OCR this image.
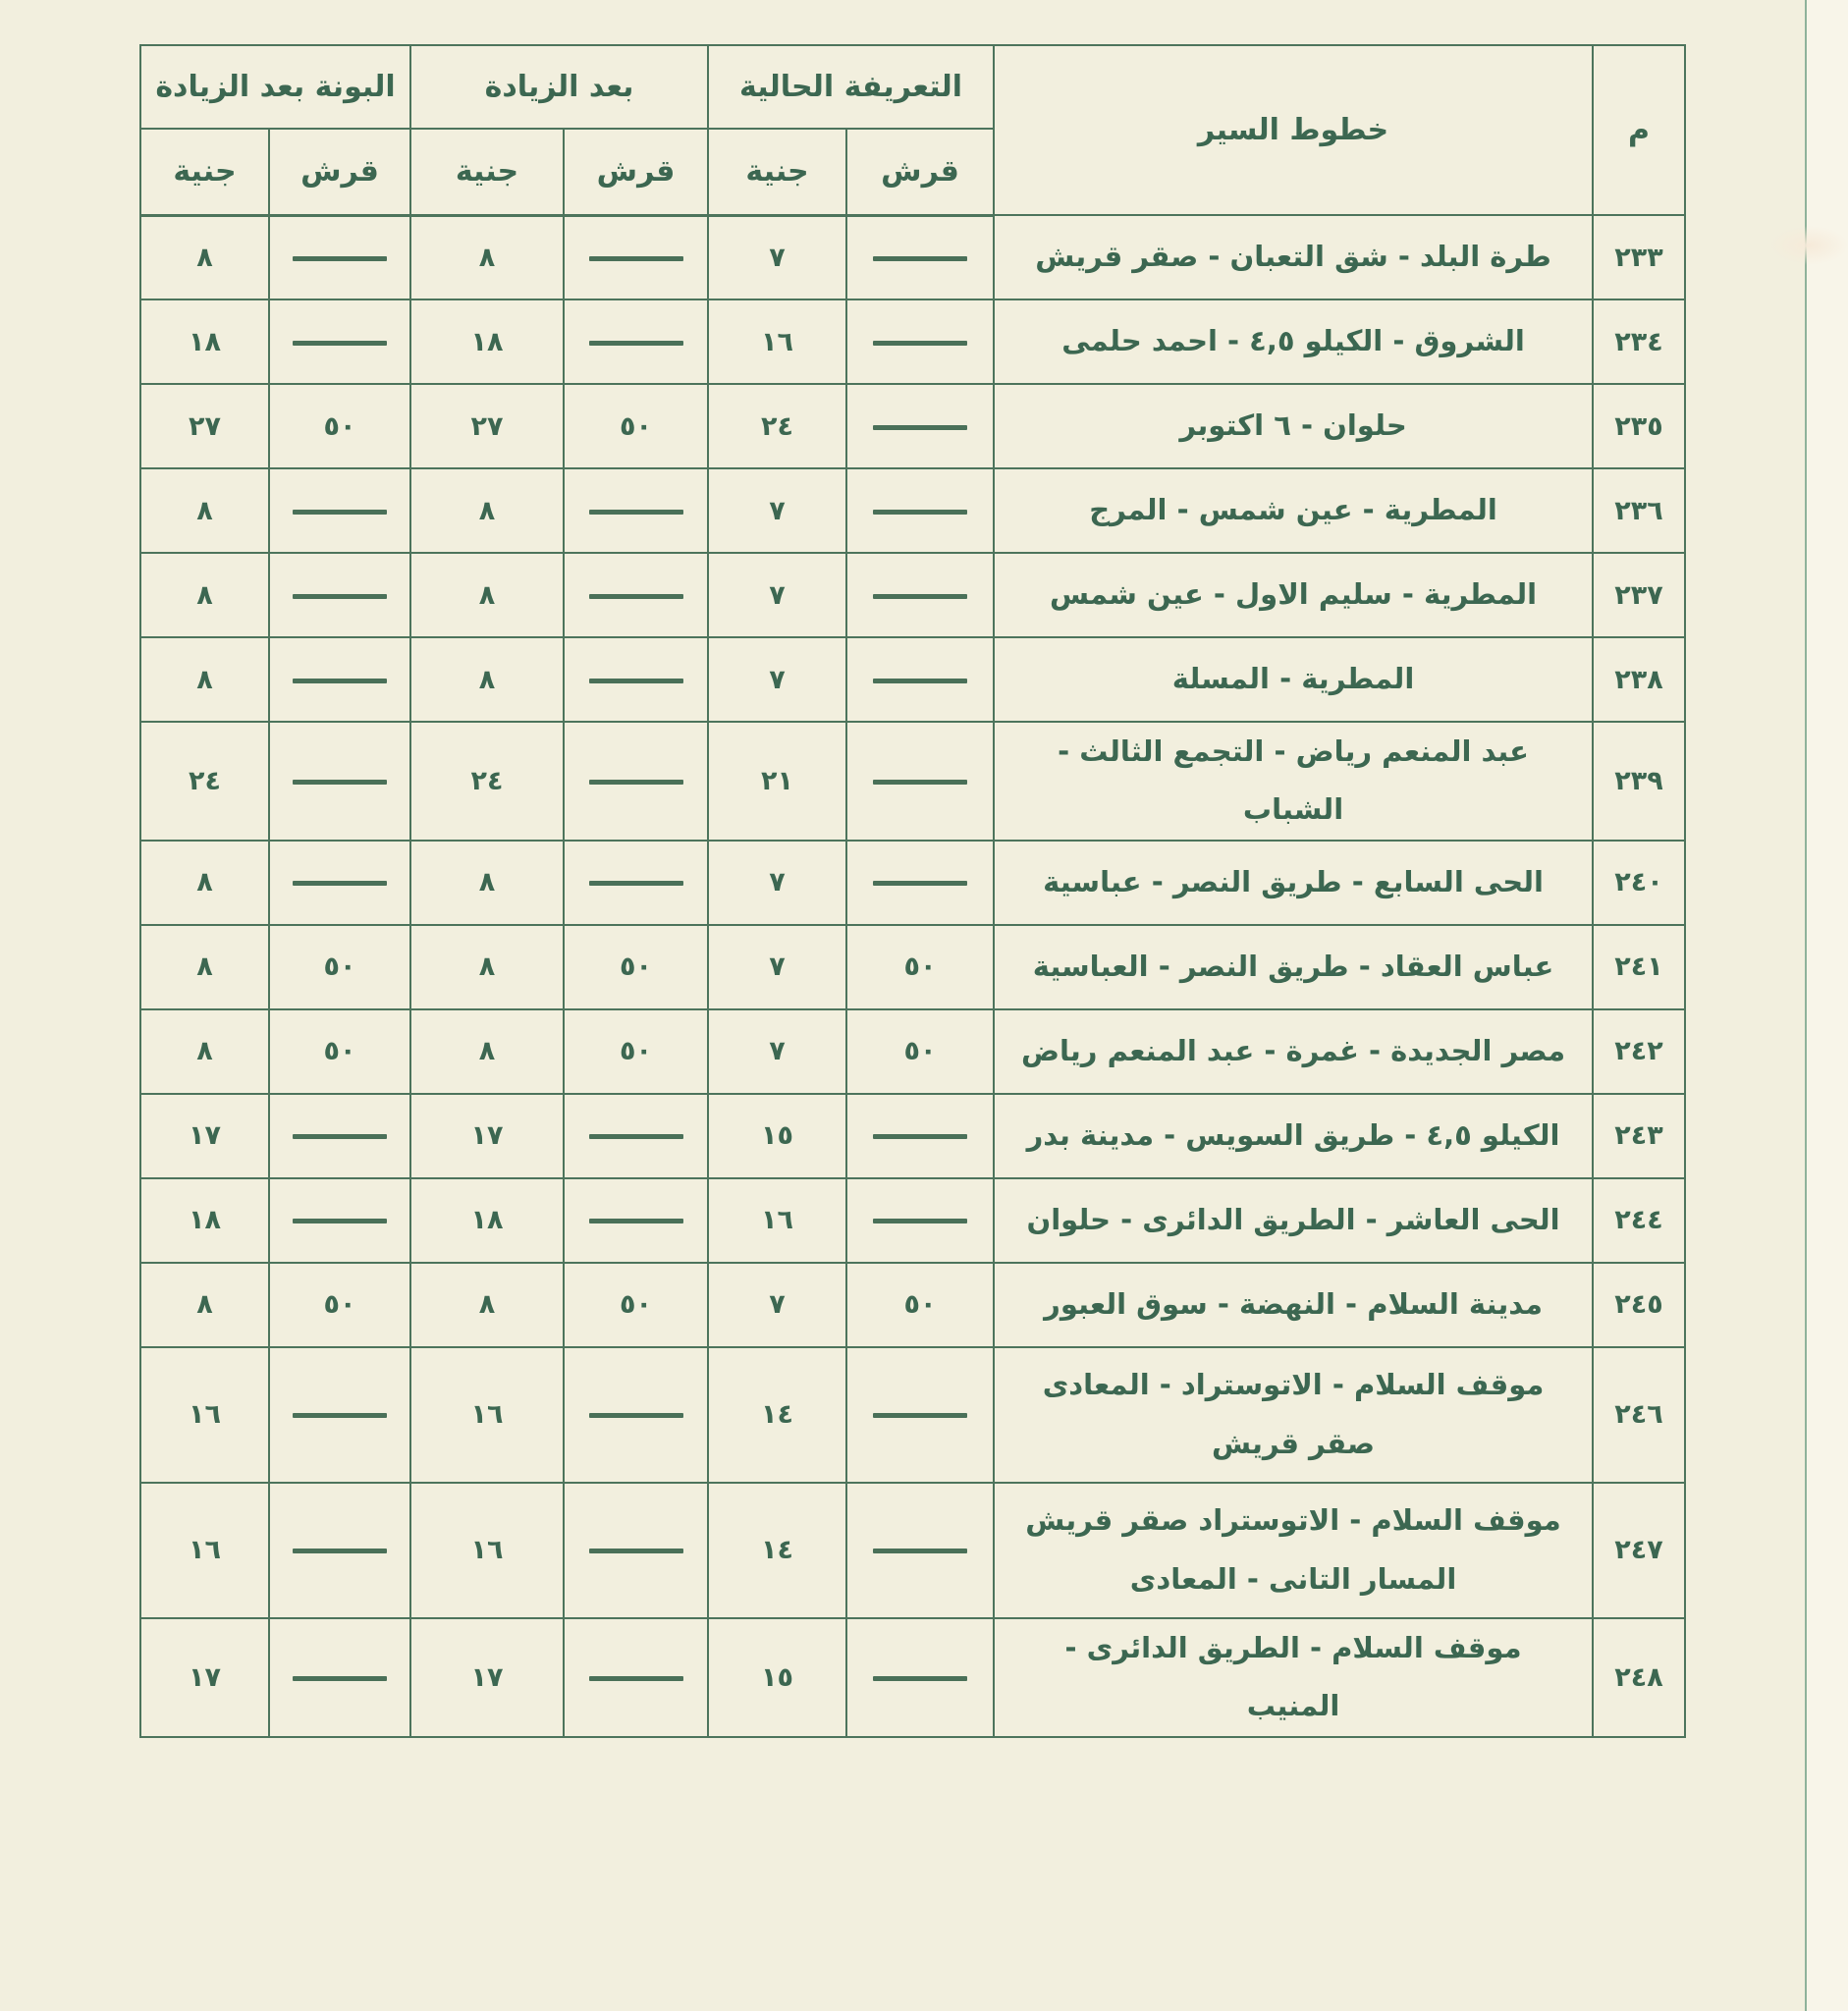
م	خطوط السير	التعريفة الحالية		بعد الزيادة		البونة بعد الزيادة	
		قرش	جنية	قرش	جنية	قرش	جنية
٢٣٣	طرة البلد - شق التعبان - صقر قريش		٧		٨		٨
٢٣٤	الشروق - الكيلو ٤,٥ - احمد حلمى		١٦		١٨		١٨
٢٣٥	حلوان - ٦ اكتوبر		٢٤	٥٠	٢٧	٥٠	٢٧
٢٣٦	المطرية - عين شمس - المرج		٧		٨		٨
٢٣٧	المطرية - سليم الاول - عين شمس		٧		٨		٨
٢٣٨	المطرية - المسلة		٧		٨		٨
٢٣٩	عبد المنعم رياض - التجمع الثالث - الشباب		٢١		٢٤		٢٤
٢٤٠	الحى السابع - طريق النصر - عباسية		٧		٨		٨
٢٤١	عباس العقاد - طريق النصر - العباسية	٥٠	٧	٥٠	٨	٥٠	٨
٢٤٢	مصر الجديدة - غمرة - عبد المنعم رياض	٥٠	٧	٥٠	٨	٥٠	٨
٢٤٣	الكيلو ٤,٥ - طريق السويس - مدينة بدر		١٥		١٧		١٧
٢٤٤	الحى العاشر - الطريق الدائرى - حلوان		١٦		١٨		١٨
٢٤٥	مدينة السلام - النهضة - سوق العبور	٥٠	٧	٥٠	٨	٥٠	٨
٢٤٦	موقف السلام - الاتوستراد - المعادى صقر قريش		١٤		١٦		١٦
٢٤٧	موقف السلام - الاتوستراد صقر قريش المسار التانى - المعادى		١٤		١٦		١٦
٢٤٨	موقف السلام - الطريق الدائرى - المنيب		١٥		١٧		١٧
